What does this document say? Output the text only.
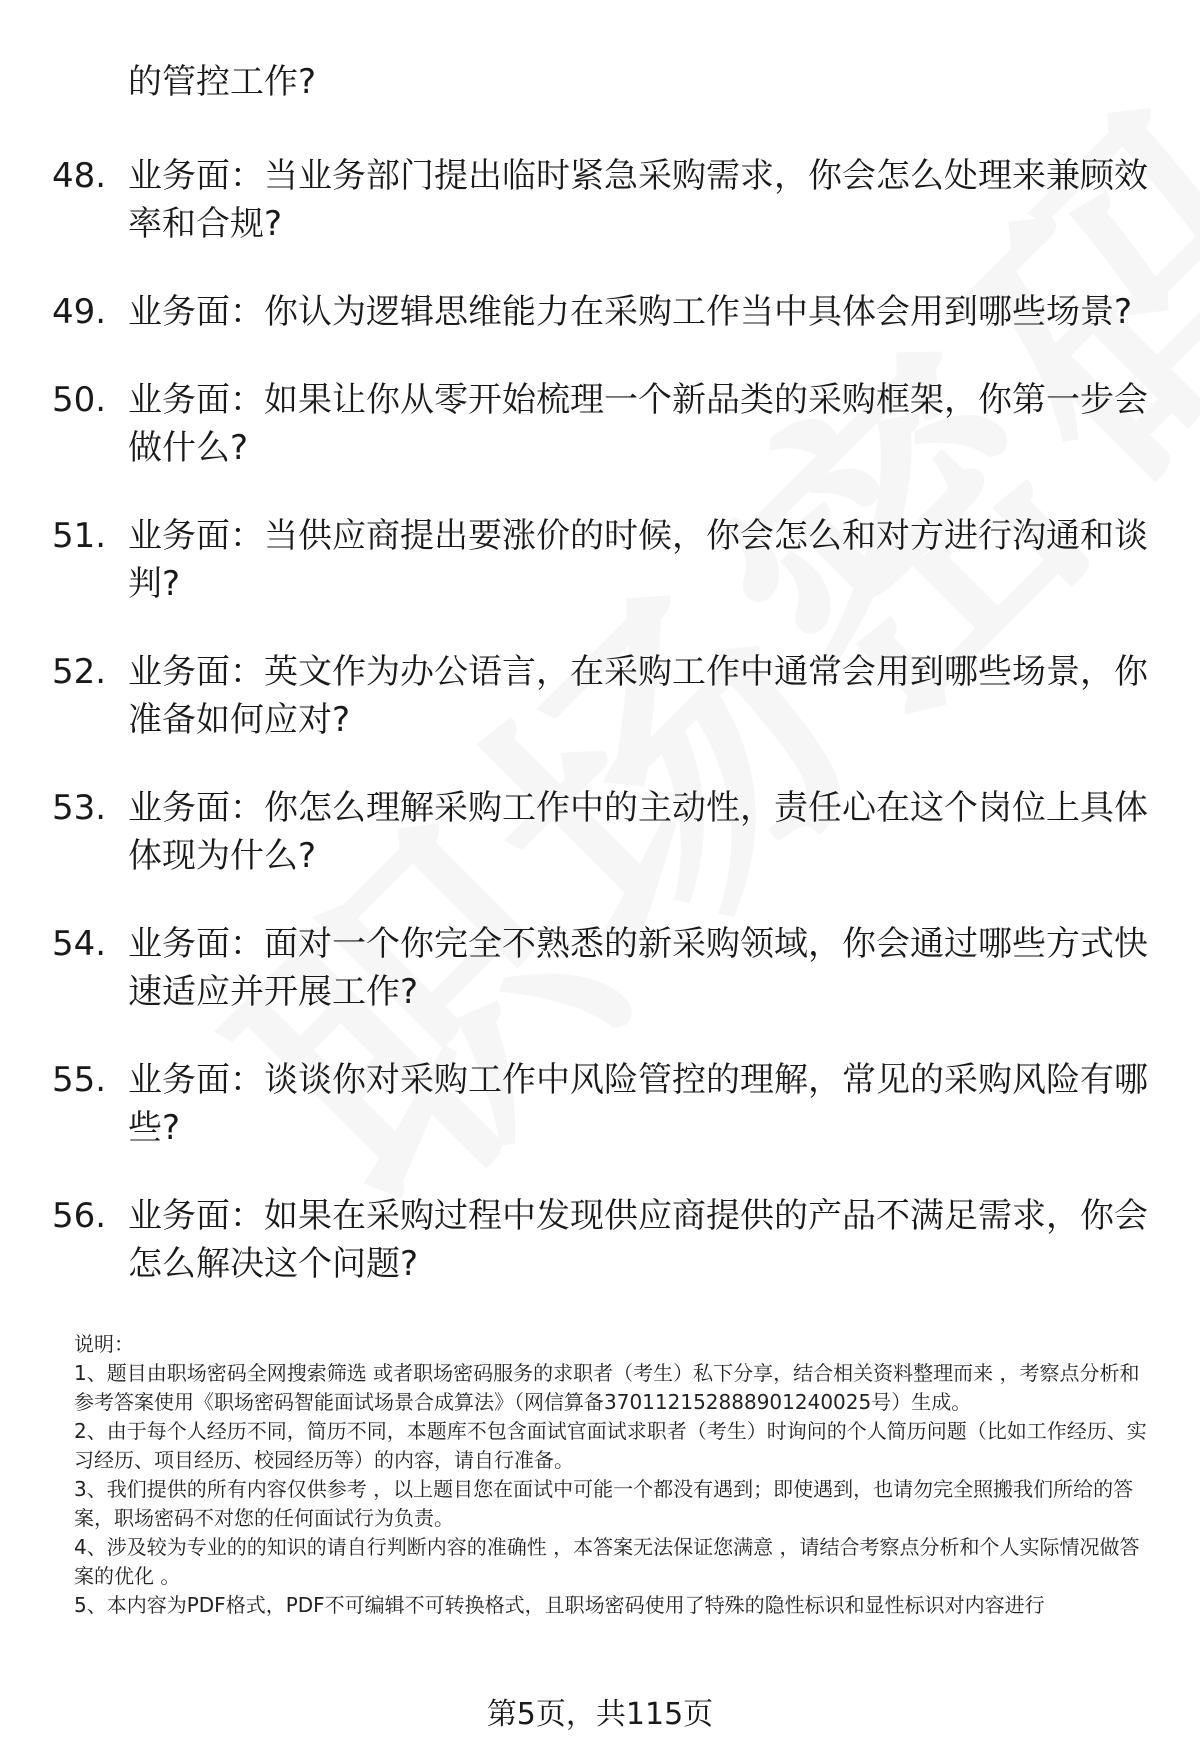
的管控工作?
48. 业务面：当业务部门提出临时紧急采购需求，你会怎么处理来兼顾效率和合规?
49. 业务面：你认为逻辑思维能力在采购工作当中具体会用到哪些场景?
50. 业务面：如果让你从零开始梳理一个新品类的采购框架，你第一步会做什么?
51. 业务面：当供应商提出要涨价的时候，你会怎么和对方进行沟通和谈判?
52. 业务面：英文作为办公语言，在采购工作中通常会用到哪些场景，你准备如何应对?
53. 业务面：你怎么理解采购工作中的主动性，责任心在这个岗位上具体体现为什么?
54. 业务面：面对一个你完全不熟悉的新采购领域，你会通过哪些方式快速适应并开展工作?
55. 业务面：谈谈你对采购工作中风险管控的理解，常见的采购风险有哪些?
56. 业务面：如果在采购过程中发现供应商提供的产品不满足需求，你会怎么解决这个问题?

说明：

1、题目由职场密码全网搜索筛选 或者职场密码服务的求职者（考生）私下分享，结合相关资料整理而来 ，考察点分析和参考答案使用《职场密码智能面试场景合成算法》（网信算备370112152888901240025号）生成。

2、由于每个人经历不同，简历不同，本题库不包含面试官面试求职者（考生）时询问的个人简历问题（比如工作经历、实习经历、项目经历、校园经历等）的内容，请自行准备。

3、我们提供的所有内容仅供参考 ，以上题目您在面试中可能一个都没有遇到；即使遇到，也请勿完全照搬我们所给的答案，职场密码不对您的任何面试行为负责。

4、涉及较为专业的的知识的请自行判断内容的准确性 ，本答案无法保证您满意 ，请结合考察点分析和个人实际情况做答案的优化 。

5、本内容为PDF格式，PDF不可编辑不可转换格式，且职场密码使用了特殊的隐性标识和显性标识对内容进行

第5页，共115页
